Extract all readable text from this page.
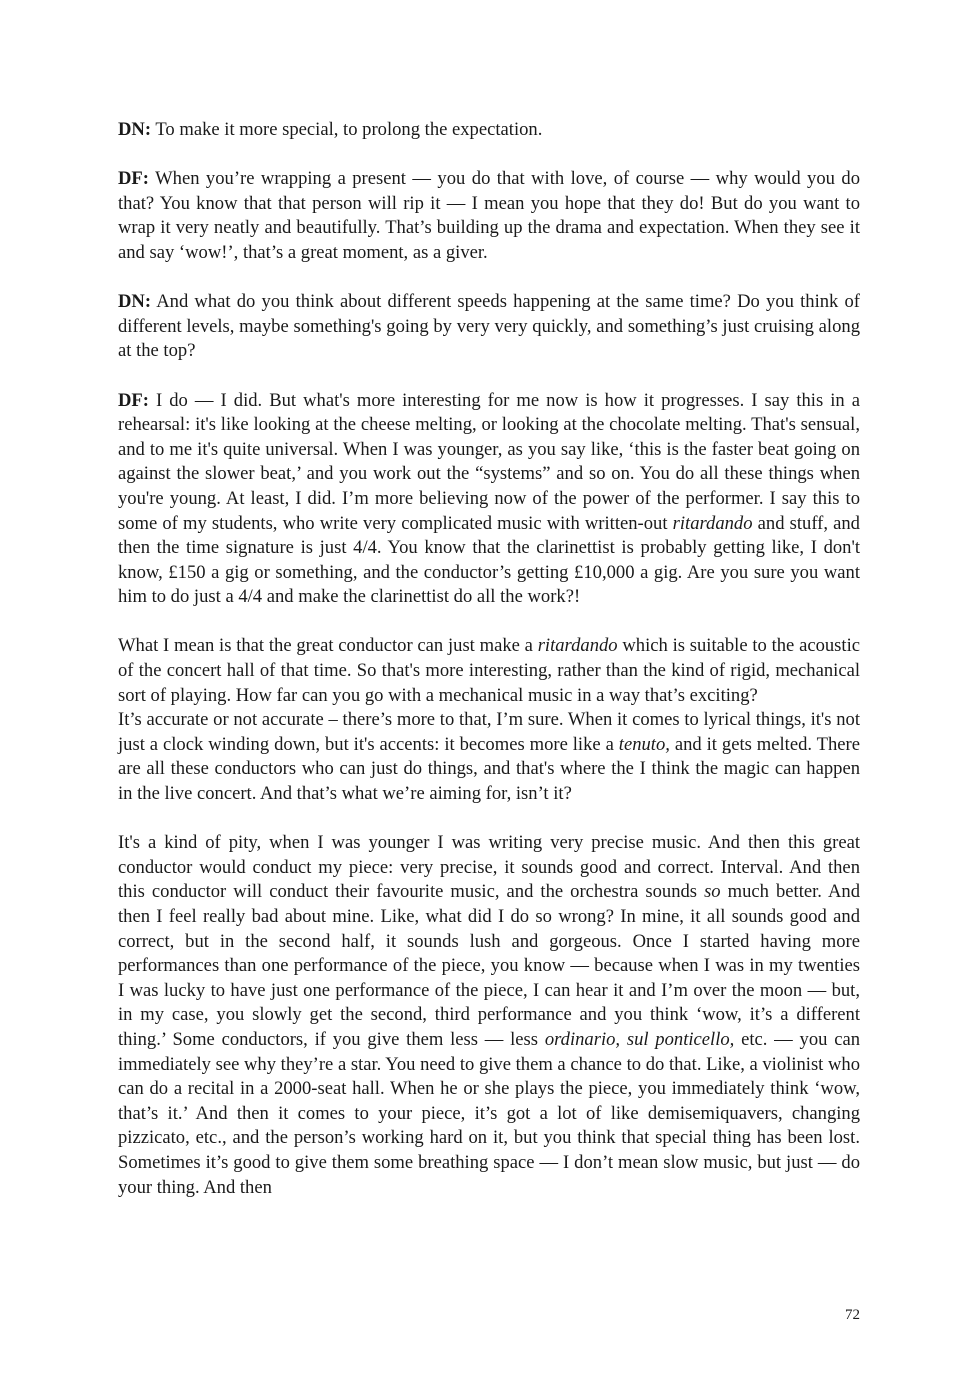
DN: To make it more special, to prolong the expectation.

DF: When you’re wrapping a present — you do that with love, of course — why would you do that? You know that that person will rip it — I mean you hope that they do! But do you want to wrap it very neatly and beautifully. That’s building up the drama and expectation. When they see it and say ‘wow!’, that’s a great moment, as a giver.

DN: And what do you think about different speeds happening at the same time? Do you think of different levels, maybe something's going by very very quickly, and something’s just cruising along at the top?

DF: I do — I did. But what's more interesting for me now is how it progresses. I say this in a rehearsal: it's like looking at the cheese melting, or looking at the chocolate melting. That's sensual, and to me it's quite universal. When I was younger, as you say like, ‘this is the faster beat going on against the slower beat,’ and you work out the “systems” and so on. You do all these things when you're young. At least, I did. I’m more believing now of the power of the performer. I say this to some of my students, who write very complicated music with written-out ritardando and stuff, and then the time signature is just 4/4. You know that the clarinettist is probably getting like, I don't know, £150 a gig or something, and the conductor’s getting £10,000 a gig. Are you sure you want him to do just a 4/4 and make the clarinettist do all the work?!

What I mean is that the great conductor can just make a ritardando which is suitable to the acoustic of the concert hall of that time. So that's more interesting, rather than the kind of rigid, mechanical sort of playing. How far can you go with a mechanical music in a way that’s exciting?

It’s accurate or not accurate – there’s more to that, I’m sure. When it comes to lyrical things, it's not just a clock winding down, but it's accents: it becomes more like a tenuto, and it gets melted. There are all these conductors who can just do things, and that's where the I think the magic can happen in the live concert. And that’s what we’re aiming for, isn’t it?

It's a kind of pity, when I was younger I was writing very precise music. And then this great conductor would conduct my piece: very precise, it sounds good and correct. Interval. And then this conductor will conduct their favourite music, and the orchestra sounds so much better. And then I feel really bad about mine. Like, what did I do so wrong? In mine, it all sounds good and correct, but in the second half, it sounds lush and gorgeous. Once I started having more performances than one performance of the piece, you know — because when I was in my twenties I was lucky to have just one performance of the piece, I can hear it and I’m over the moon — but, in my case, you slowly get the second, third performance and you think ‘wow, it’s a different thing.’ Some conductors, if you give them less — less ordinario, sul ponticello, etc. — you can immediately see why they’re a star. You need to give them a chance to do that. Like, a violinist who can do a recital in a 2000-seat hall. When he or she plays the piece, you immediately think ‘wow, that’s it.’ And then it comes to your piece, it’s got a lot of like demisemiquavers, changing pizzicato, etc., and the person’s working hard on it, but you think that special thing has been lost. Sometimes it’s good to give them some breathing space — I don’t mean slow music, but just — do your thing. And then

72
